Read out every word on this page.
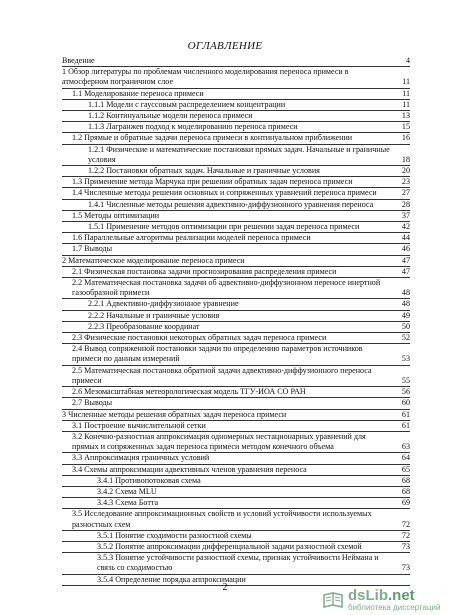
ОГЛАВЛЕНИЕ
Введение	4
1 Обзор литературы по проблемам численного моделирования переноса примеси в атмосферном пограничном слое	11
1.1 Моделирование переноса примеси	11
1.1.1 Модели с гауссовым распределением концентрации	11
1.1.2 Континуальные модели переноса примеси	13
1.1.3 Лагранжев подход к моделированию переноса примеси	15
1.2 Прямые и обратные задачи переноса примеси в континуальном приближении	16
1.2.1 Физические и математические постановки прямых задач. Начальные и граничные условия	18
1.2.2 Постановки обратных задач. Начальные и граничные условия	20
1.3 Применение метода Марчука при решении обратных задач переноса примеси	23
1.4 Численные методы решения основных и сопряженных уравнений переноса примеси	27
1.4.1 Численные методы решения адвективно-диффузионного уравнения переноса	28
1.5 Методы оптимизации	37
1.5.1 Применение методов оптимизации при решении задач переноса примеси	42
1.6 Параллельные алгоритмы реализации моделей переноса примеси	44
1.7 Выводы	46
2 Математическое моделирование переноса примеси	47
2.1 Физическая постановка задачи прогнозирования распределения примеси	47
2.2 Математическая постановка задачи об адвективно-диффузионном переносе инертной газообразной примеси	48
2.2.1 Адвективно-диффузионное уравнение	48
2.2.2 Начальные и граничные условия	49
2.2.3 Преобразование координат	50
2.3 Физические постановки некоторых обратных задач переноса примеси	52
2.4 Вывод сопряженной постановки задачи по определению параметров источников примеси по данным измерений	53
2.5 Математическая постановка обратной задачи адвективно-диффузионного переноса примеси	55
2.6 Мезомасштабная метеорологическая модель ТГУ-ИОА СО РАН	56
2.7 Выводы	60
3 Численные методы решения обратных задач переноса примеси	61
3.1 Построение вычислительной сетки	61
3.2 Конечно-разностная аппроксимация одномерных нестационарных уравнений для прямых и сопряженных задач переноса примеси методом конечного объема	63
3.3 Аппроксимация граничных условий	64
3.4 Схемы аппроксимации адвективных членов уравнения переноса	65
3.4.1 Противопотоковая схема	68
3.4.2 Схема MLU	68
3.4.3 Схема Ботта	69
3.5 Исследование аппроксимационных свойств и условий устойчивости используемых разностных схем	72
3.5.1 Понятие сходимости разностной схемы	72
3.5.2 Понятие аппроксимации дифференциальной задачи разностной схемой	73
3.5.3 Понятие устойчивости разностной схемы, признак устойчивости Неймана и связь со сходимостью	73
3.5.4 Определение порядка аппроксимации
2	dsLib.net
библиотека диссертаций
